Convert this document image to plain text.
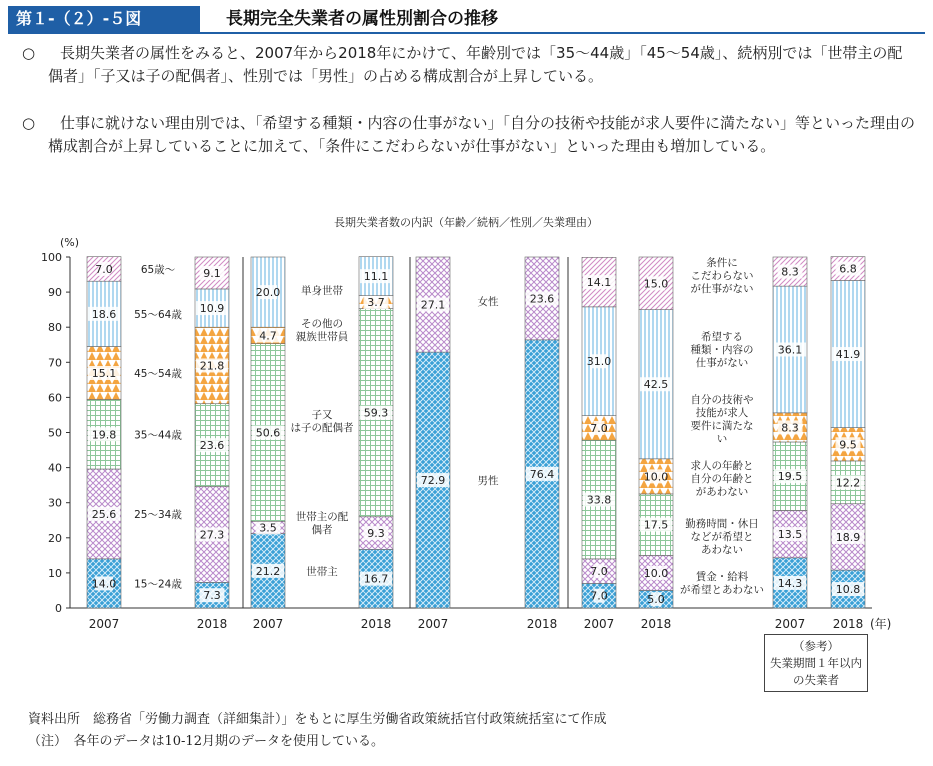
第１-（２）-５図	長期完全失業者の属性別割合の推移
○	長期失業者の属性をみると、2007年から2018年にかけて、年齢別では「35～44歳」「45～54歳」、続柄別では「世帯主の配偶者」「子又は子の配偶者」、性別では「男性」の占める構成割合が上昇している。
○	仕事に就けない理由別では、「希望する種類・内容の仕事がない」「自分の技術や技能が求人要件に満たない」等といった理由の構成割合が上昇していることに加えて、「条件にこだわらないが仕事がない」といった理由も増加している。
長期失業者数の内訳（年齢／続柄／性別／失業理由）
(%)
0
10
20
30
40
50
60
70
80
90
100
14.0
25.6
19.8
15.1
18.6
7.0
2007
7.3
27.3
23.6
21.8
10.9
9.1
2018
21.2
3.5
50.6
4.7
20.0
2007
16.7
9.3
59.3
3.7
11.1
2018
72.9
27.1
2007
76.4
23.6
2018
7.0
7.0
33.8
7.0
31.0
14.1
2007
5.0
10.0
17.5
10.0
42.5
15.0
2018
14.3
13.5
19.5
8.3
36.1
8.3
2007
10.8
18.9
12.2
9.5
41.9
6.8
2018 (年)
15～24歳
25～34歳
35～44歳
45～54歳
55～64歳
65歳～
世帯主
世帯主の配偶者
子又は子の配偶者
その他の親族世帯員
単身世帯
男性
女性
賃金・給料が希望とあわない
勤務時間・休日などが希望とあわない
求人の年齢と自分の年齢とがあわない
自分の技術や技能が求人要件に満たない
希望する種類・内容の仕事がない
条件にこだわらないが仕事がない
（参考）
失業期間１年以内
の失業者
資料出所　総務省「労働力調査（詳細集計）」をもとに厚生労働省政策統括官付政策統括室にて作成
（注）　各年のデータは10-12月期のデータを使用している。
